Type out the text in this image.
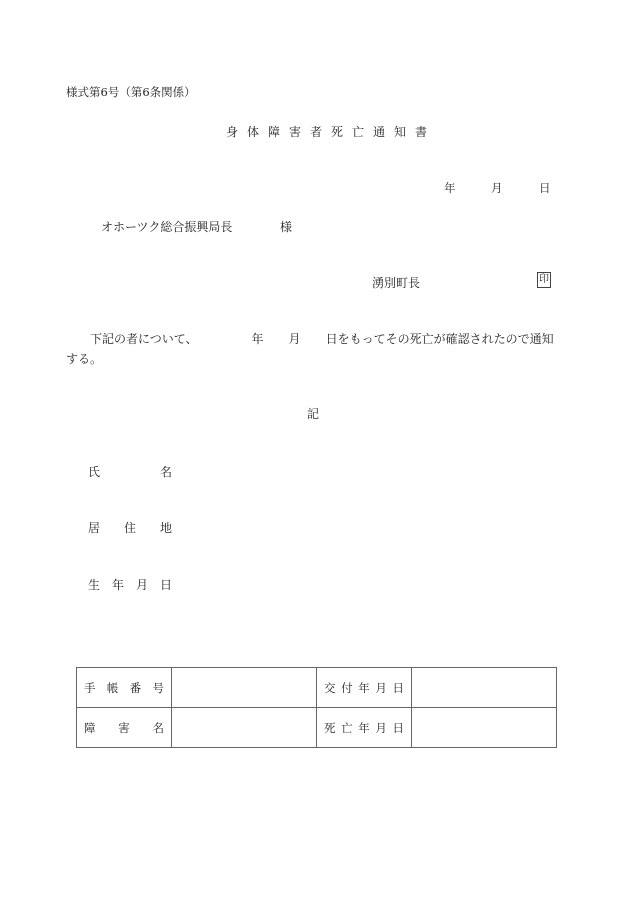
様式第6号（第6条関係）
身体障害者死亡通知書
年	月	日
オホーツク総合振興局長	様
湧別町長	印
下記の者について、	年 月 日をもってその死亡が確認されたので通知する。
記
氏	名
居 住 地
生 年 月 日
手 帳 番 号		交 付 年 月 日	

障 害 名		死 亡 年 月 日	
